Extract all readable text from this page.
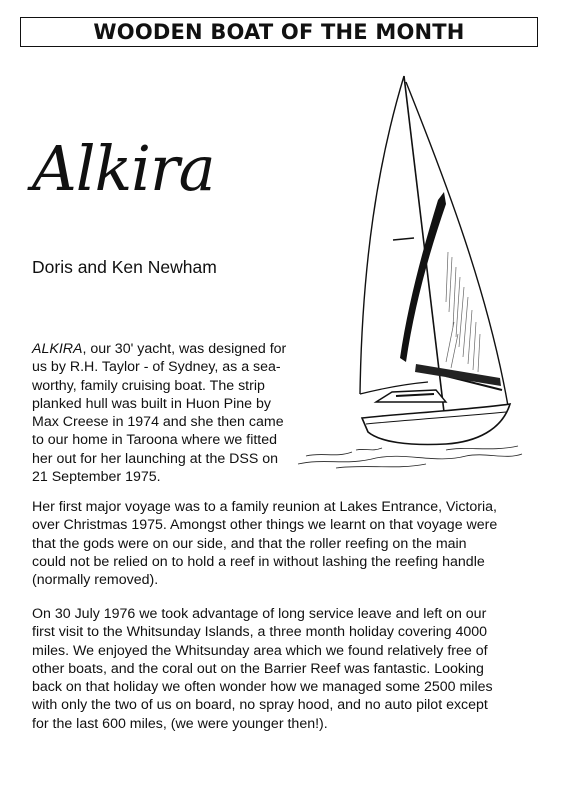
WOODEN BOAT OF THE MONTH
Alkira

Doris and Ken Newham

ALKIRA, our 30' yacht, was designed for
us by R.H. Taylor - of Sydney, as a sea-
worthy, family cruising boat. The strip
planked hull was built in Huon Pine by
Max Creese in 1974 and she then came
to our home in Taroona where we fitted
her out for her launching at the DSS on
21 September 1975.

Her first major voyage was to a family reunion at Lakes Entrance, Victoria,
over Christmas 1975. Amongst other things we learnt on that voyage were
that the gods were on our side, and that the roller reefing on the main
could not be relied on to hold a reef in without lashing the reefing handle
(normally removed).

On 30 July 1976 we took advantage of long service leave and left on our
first visit to the Whitsunday Islands, a three month holiday covering 4000
miles. We enjoyed the Whitsunday area which we found relatively free of
other boats, and the coral out on the Barrier Reef was fantastic. Looking
back on that holiday we often wonder how we managed some 2500 miles
with only the two of us on board, no spray hood, and no auto pilot except
for the last 600 miles, (we were younger then!).
